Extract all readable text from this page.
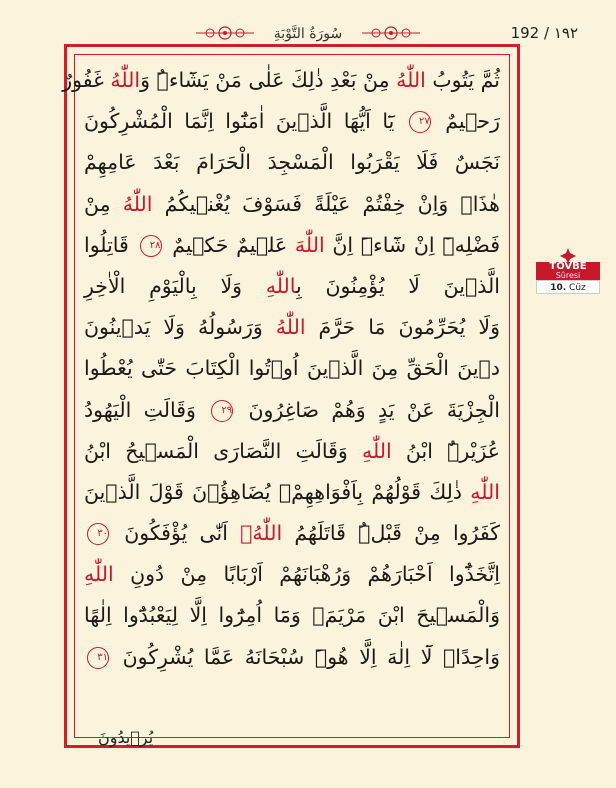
سُورَةُ التَّوْبَةِ	192 / ١٩٢
ثُمَّ يَتُوبُ اللّٰهُ مِنْ بَعْدِ ذٰلِكَ عَلٰى مَنْ يَشَٓاءُۜ وَاللّٰهُ غَفُورٌ
رَح۪يمٌ ٢٧ يَٓا اَيُّهَا الَّذ۪ينَ اٰمَنُٓوا اِنَّمَا الْمُشْرِكُونَ
نَجَسٌ فَلَا يَقْرَبُوا الْمَسْجِدَ الْحَرَامَ بَعْدَ عَامِهِمْ
هٰذَاۚ وَاِنْ خِفْتُمْ عَيْلَةً فَسَوْفَ يُغْن۪يكُمُ اللّٰهُ مِنْ
فَضْلِه۪ٓ اِنْ شَٓاءَۜ اِنَّ اللّٰهَ عَل۪يمٌ حَك۪يمٌ ٢٨ قَاتِلُوا
الَّذ۪ينَ لَا يُؤْمِنُونَ بِاللّٰهِ وَلَا بِالْيَوْمِ الْاٰخِرِ
وَلَا يُحَرِّمُونَ مَا حَرَّمَ اللّٰهُ وَرَسُولُهُ وَلَا يَد۪ينُونَ
د۪ينَ الْحَقِّ مِنَ الَّذ۪ينَ اُو۫تُوا الْكِتَابَ حَتّٰى يُعْطُوا
الْجِزْيَةَ عَنْ يَدٍ وَهُمْ صَاغِرُونَ ٢٩ وَقَالَتِ الْيَهُودُ
عُزَيْرٌۨ ابْنُ اللّٰهِ وَقَالَتِ النَّصَارَى الْمَس۪يحُ ابْنُ
اللّٰهِ ذٰلِكَ قَوْلُهُمْ بِاَفْوَاهِهِمْۚ يُضَاهِؤُ۫نَ قَوْلَ الَّذ۪ينَ
كَفَرُوا مِنْ قَبْلُۜ قَاتَلَهُمُ اللّٰهُۚ اَنّٰى يُؤْفَكُونَ ٣٠
اِتَّخَذُٓوا اَحْبَارَهُمْ وَرُهْبَانَهُمْ اَرْبَابًا مِنْ دُونِ اللّٰهِ
وَالْمَس۪يحَ ابْنَ مَرْيَمَۚ وَمَٓا اُمِرُٓوا اِلَّا لِيَعْبُدُٓوا اِلٰهًا
وَاحِدًاۚ لَٓا اِلٰهَ اِلَّا هُوَۜ سُبْحَانَهُ عَمَّا يُشْرِكُونَ ٣١
يُر۪يدُونَ
TÖVBE
Sûresi
10. Cüz
